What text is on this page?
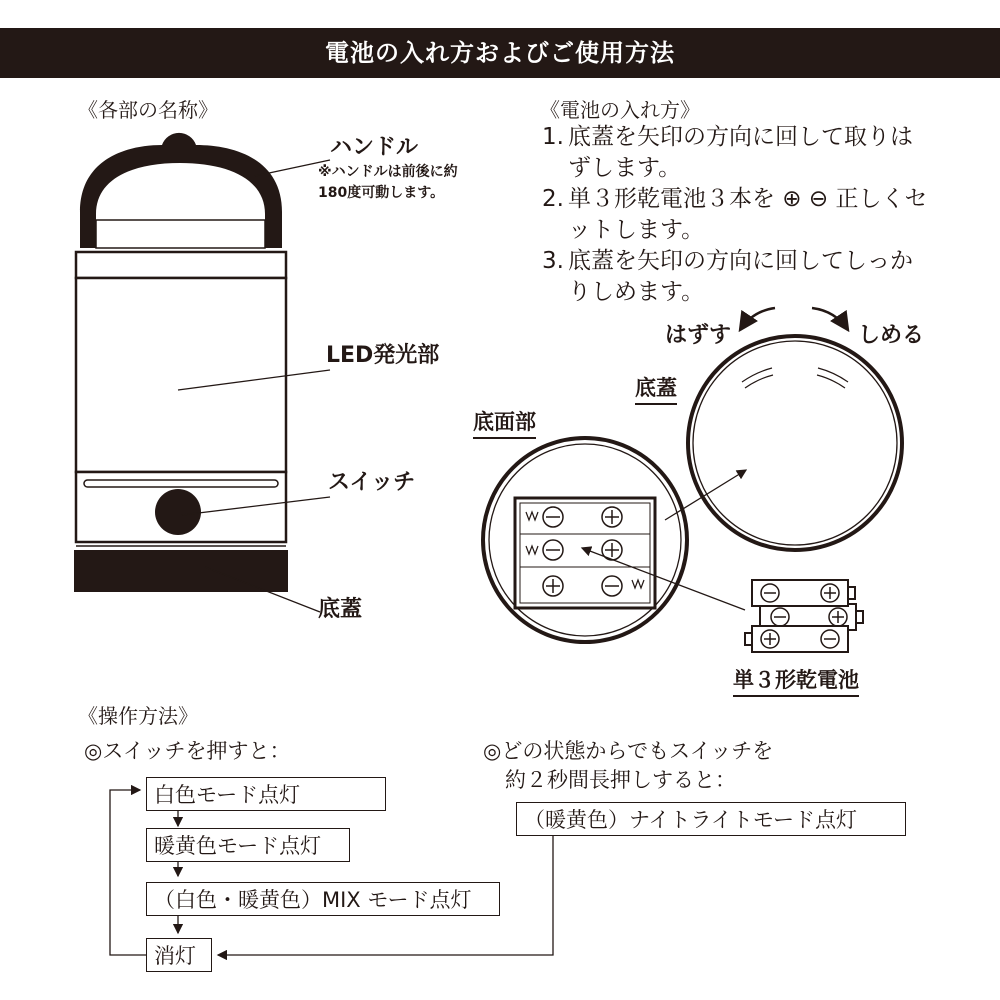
電池の入れ方およびご使用方法
《各部の名称》
ハンドル
※ハンドルは前後に約180度可動します。
LED発光部
スイッチ
底蓋
《電池の入れ方》
1. 底蓋を矢印の方向に回して取りはずします。
2. 単３形乾電池３本を ⊕ ⊖ 正しくセットします。
3. 底蓋を矢印の方向に回してしっかりしめます。
はずす	しめる
底蓋
底面部
単３形乾電池
《操作方法》
◎スイッチを押すと：	◎どの状態からでもスイッチを
約２秒間長押しすると：
白色モード点灯
暖黄色モード点灯
（白色・暖黄色）MIX モード点灯
消灯
（暖黄色）ナイトライトモード点灯
